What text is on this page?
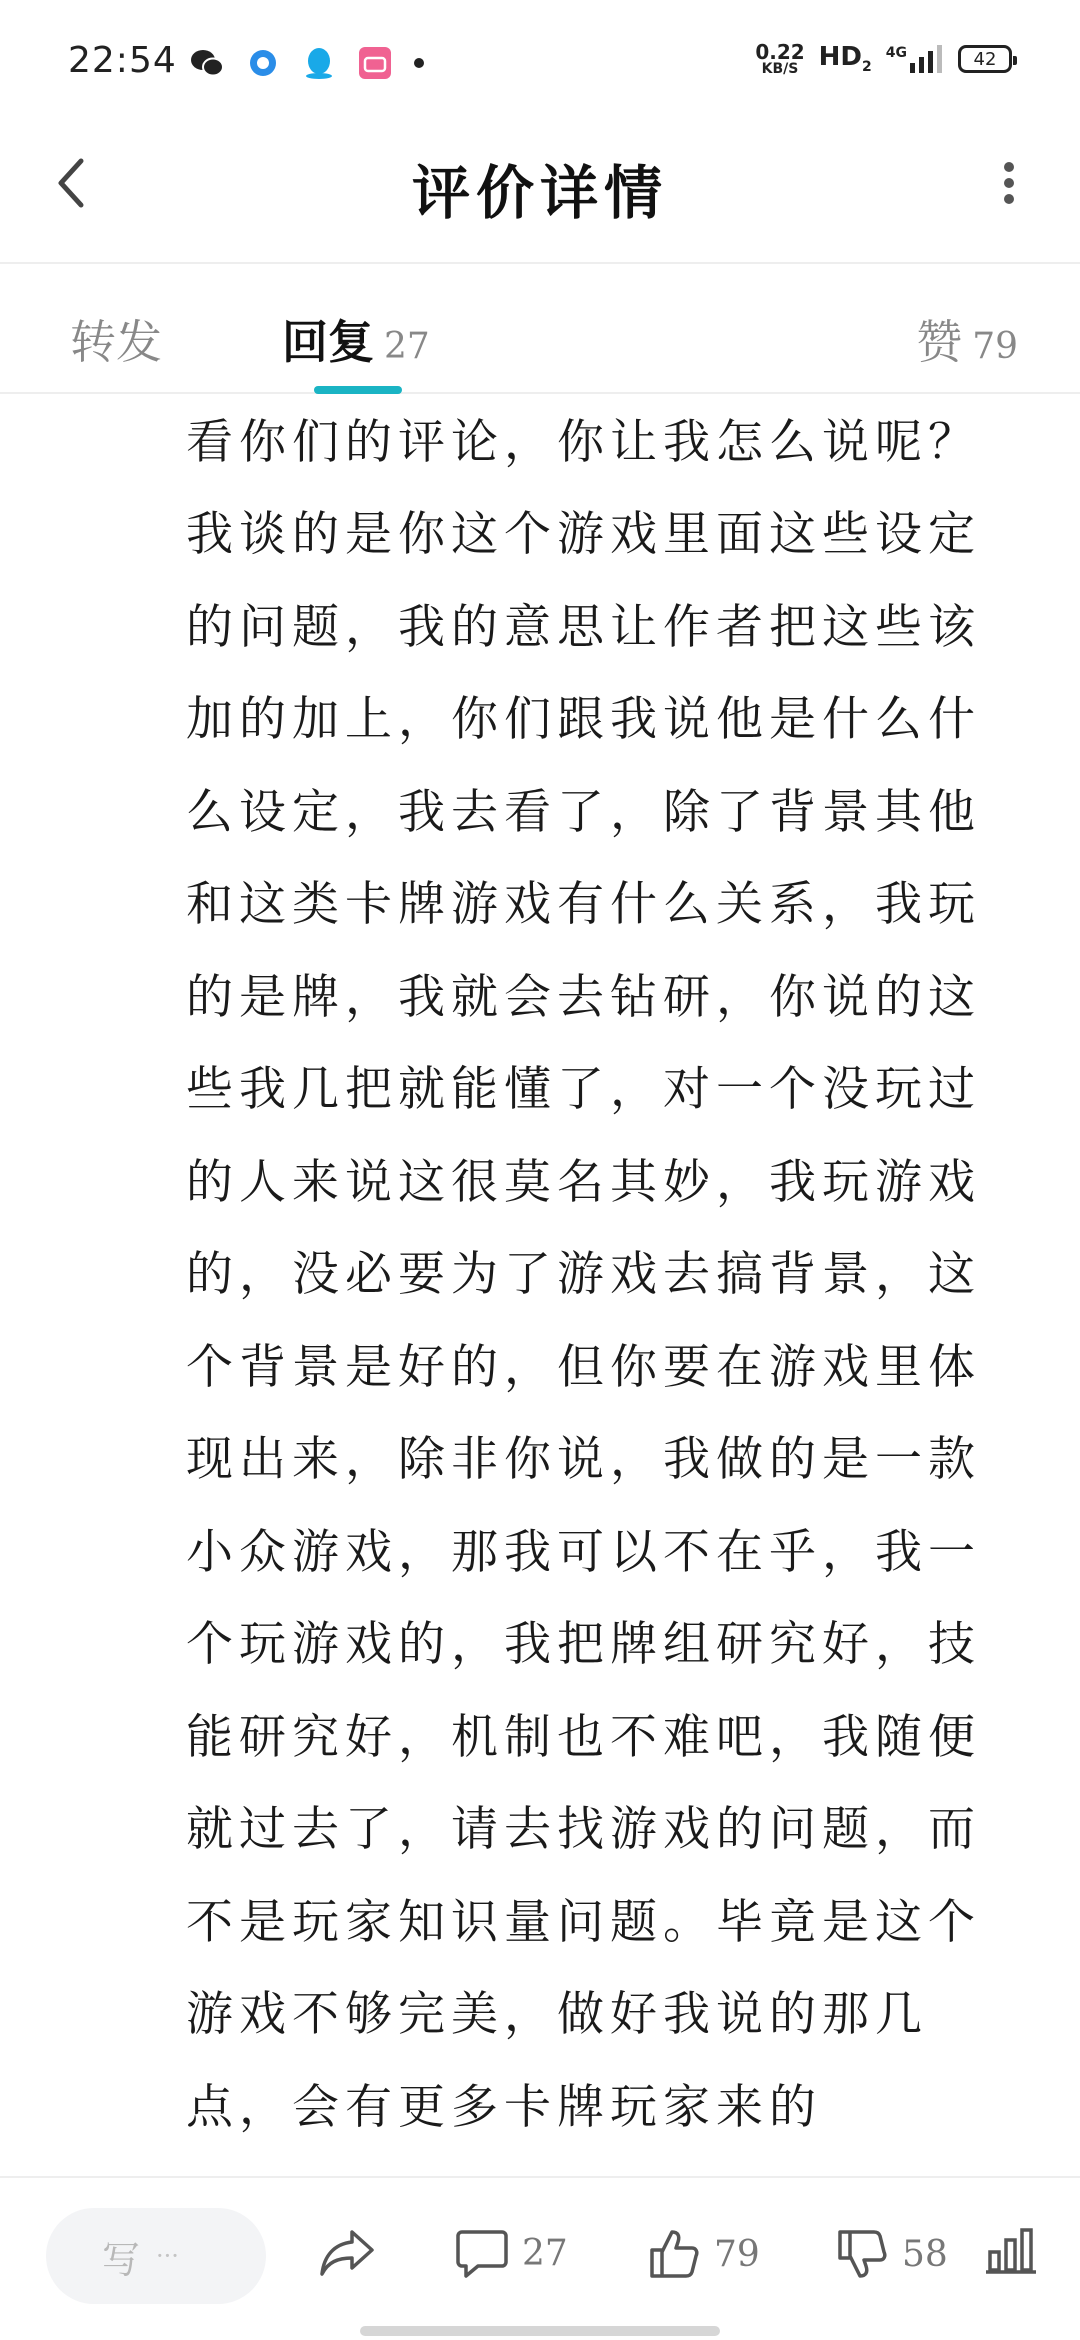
22:54	0.22
KB/S $HD_2$
4G	42
评价详情
转发	回复 27	赞 79

看你们的评论，你让我怎么说呢？我谈的是你这个游戏里面这些设定的问题，我的意思让作者把这些该加的加上，你们跟我说他是什么什么设定，我去看了，除了背景其他和这类卡牌游戏有什么关系，我玩的是牌，我就会去钻研，你说的这些我几把就能懂了，对一个没玩过的人来说这很莫名其妙，我玩游戏的，没必要为了游戏去搞背景，这个背景是好的，但你要在游戏里体现出来，除非你说，我做的是一款小众游戏，那我可以不在乎，我一个玩游戏的，我把牌组研究好，技能研究好，机制也不难吧，我随便就过去了，请去找游戏的问题，而不是玩家知识量问题。毕竟是这个游戏不够完美，做好我说的那几点，会有更多卡牌玩家来的

写 ···	27	79	58
